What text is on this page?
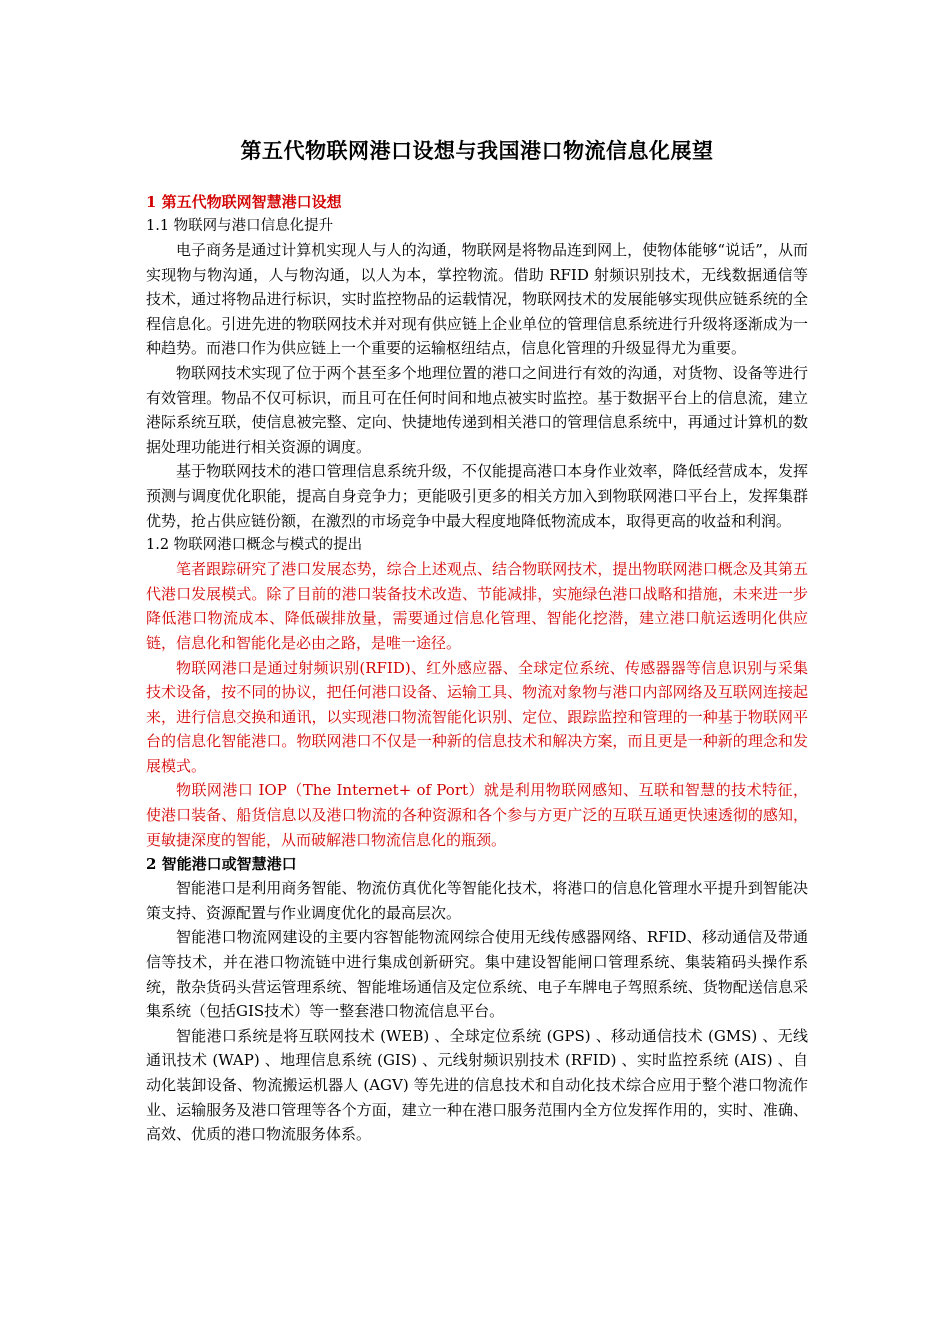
第五代物联网港口设想与我国港口物流信息化展望
1 第五代物联网智慧港口设想
1.1 物联网与港口信息化提升

电子商务是通过计算机实现人与人的沟通，物联网是将物品连到网上，使物体能够“说话”，从而实现物与物沟通，人与物沟通，以人为本，掌控物流。借助 RFID 射频识别技术，无线数据通信等技术，通过将物品进行标识，实时监控物品的运载情况，物联网技术的发展能够实现供应链系统的全程信息化。引进先进的物联网技术并对现有供应链上企业单位的管理信息系统进行升级将逐渐成为一种趋势。而港口作为供应链上一个重要的运输枢纽结点，信息化管理的升级显得尤为重要。

物联网技术实现了位于两个甚至多个地理位置的港口之间进行有效的沟通，对货物、设备等进行有效管理。物品不仅可标识，而且可在任何时间和地点被实时监控。基于数据平台上的信息流，建立港际系统互联，使信息被完整、定向、快捷地传递到相关港口的管理信息系统中，再通过计算机的数据处理功能进行相关资源的调度。

基于物联网技术的港口管理信息系统升级，不仅能提高港口本身作业效率，降低经营成本，发挥预测与调度优化职能，提高自身竞争力；更能吸引更多的相关方加入到物联网港口平台上，发挥集群优势，抢占供应链份额，在激烈的市场竞争中最大程度地降低物流成本，取得更高的收益和利润。

1.2 物联网港口概念与模式的提出

笔者跟踪研究了港口发展态势，综合上述观点、结合物联网技术，提出物联网港口概念及其第五代港口发展模式。除了目前的港口装备技术改造、节能减排，实施绿色港口战略和措施，未来进一步降低港口物流成本、降低碳排放量，需要通过信息化管理、智能化挖潜，建立港口航运透明化供应链，信息化和智能化是必由之路，是唯一途径。

物联网港口是通过射频识别(RFID)、红外感应器、全球定位系统、传感器器等信息识别与采集技术设备，按不同的协议，把任何港口设备、运输工具、物流对象物与港口内部网络及互联网连接起来，进行信息交换和通讯，以实现港口物流智能化识别、定位、跟踪监控和管理的一种基于物联网平台的信息化智能港口。物联网港口不仅是一种新的信息技术和解决方案，而且更是一种新的理念和发展模式。

物联网港口 IOP（The Internet+ of Port）就是利用物联网感知、互联和智慧的技术特征，使港口装备、船货信息以及港口物流的各种资源和各个参与方更广泛的互联互通更快速透彻的感知，更敏捷深度的智能，从而破解港口物流信息化的瓶颈。

2 智能港口或智慧港口

智能港口是利用商务智能、物流仿真优化等智能化技术，将港口的信息化管理水平提升到智能决策支持、资源配置与作业调度优化的最高层次。

智能港口物流网建设的主要内容智能物流网综合使用无线传感器网络、RFID、移动通信及带通信等技术，并在港口物流链中进行集成创新研究。集中建设智能闸口管理系统、集装箱码头操作系统，散杂货码头营运管理系统、智能堆场通信及定位系统、电子车牌电子驾照系统、货物配送信息采集系统（包括GIS技术）等一整套港口物流信息平台。

智能港口系统是将互联网技术 (WEB) 、全球定位系统 (GPS) 、移动通信技术 (GMS) 、无线通讯技术 (WAP) 、地理信息系统 (GIS) 、元线射频识别技术 (RFID) 、实时监控系统 (AIS) 、自动化装卸设备、物流搬运机器人 (AGV) 等先进的信息技术和自动化技术综合应用于整个港口物流作业、运输服务及港口管理等各个方面，建立一种在港口服务范围内全方位发挥作用的，实时、准确、高效、优质的港口物流服务体系。
